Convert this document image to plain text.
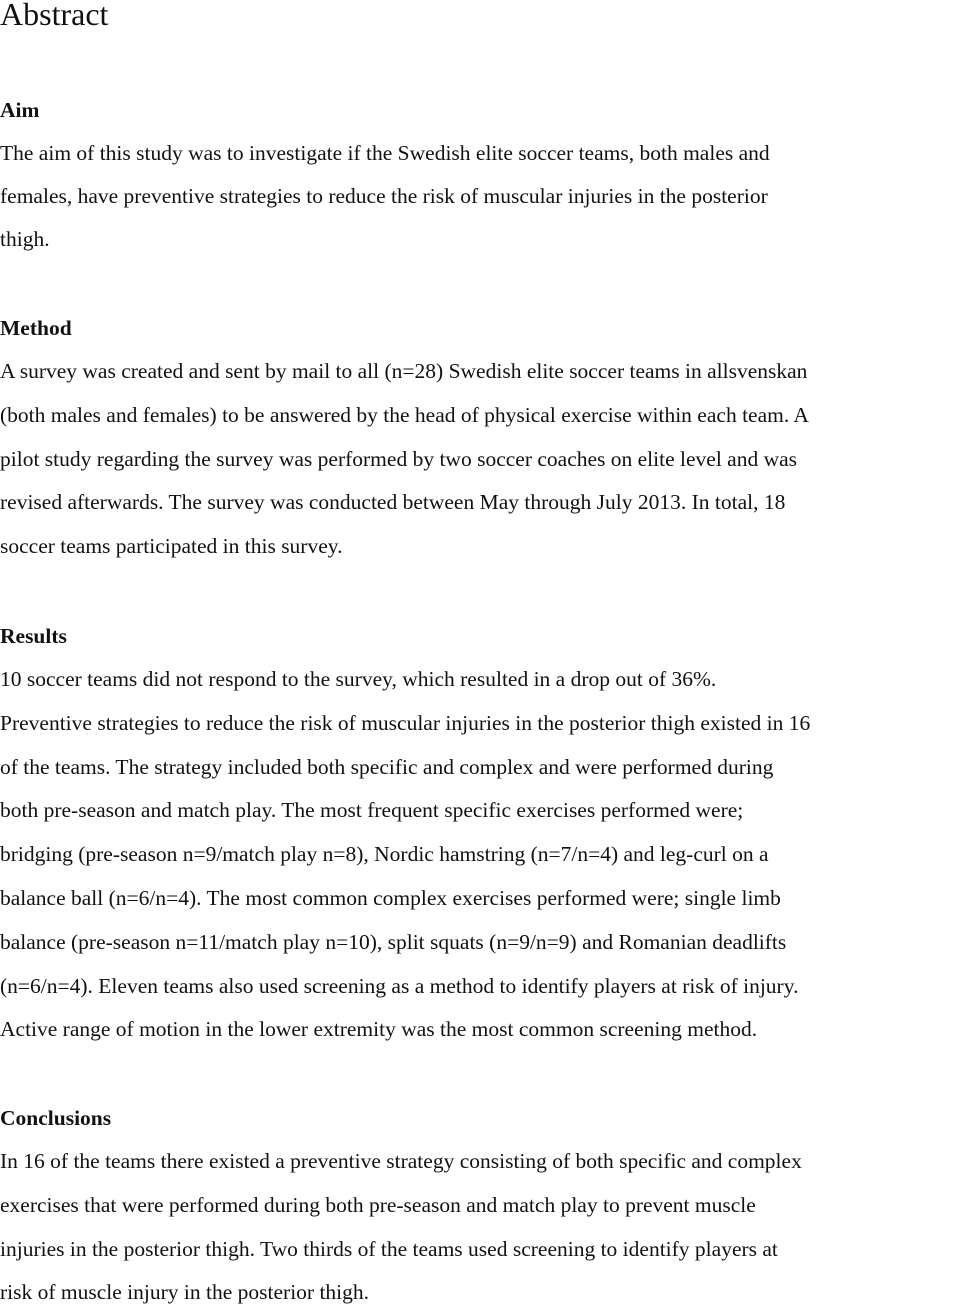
Abstract
Aim

The aim of this study was to investigate if the Swedish elite soccer teams, both males and
females, have preventive strategies to reduce the risk of muscular injuries in the posterior
thigh.

Method

A survey was created and sent by mail to all (n=28) Swedish elite soccer teams in allsvenskan
(both males and females) to be answered by the head of physical exercise within each team. A
pilot study regarding the survey was performed by two soccer coaches on elite level and was
revised afterwards. The survey was conducted between May through July 2013. In total, 18
soccer teams participated in this survey.

Results

10 soccer teams did not respond to the survey, which resulted in a drop out of 36%.
Preventive strategies to reduce the risk of muscular injuries in the posterior thigh existed in 16
of the teams. The strategy included both specific and complex and were performed during
both pre-season and match play. The most frequent specific exercises performed were;
bridging (pre-season n=9/match play n=8), Nordic hamstring (n=7/n=4) and leg-curl on a
balance ball (n=6/n=4). The most common complex exercises performed were; single limb
balance (pre-season n=11/match play n=10), split squats (n=9/n=9) and Romanian deadlifts
(n=6/n=4). Eleven teams also used screening as a method to identify players at risk of injury.
Active range of motion in the lower extremity was the most common screening method.

Conclusions

In 16 of the teams there existed a preventive strategy consisting of both specific and complex
exercises that were performed during both pre-season and match play to prevent muscle
injuries in the posterior thigh. Two thirds of the teams used screening to identify players at
risk of muscle injury in the posterior thigh.
